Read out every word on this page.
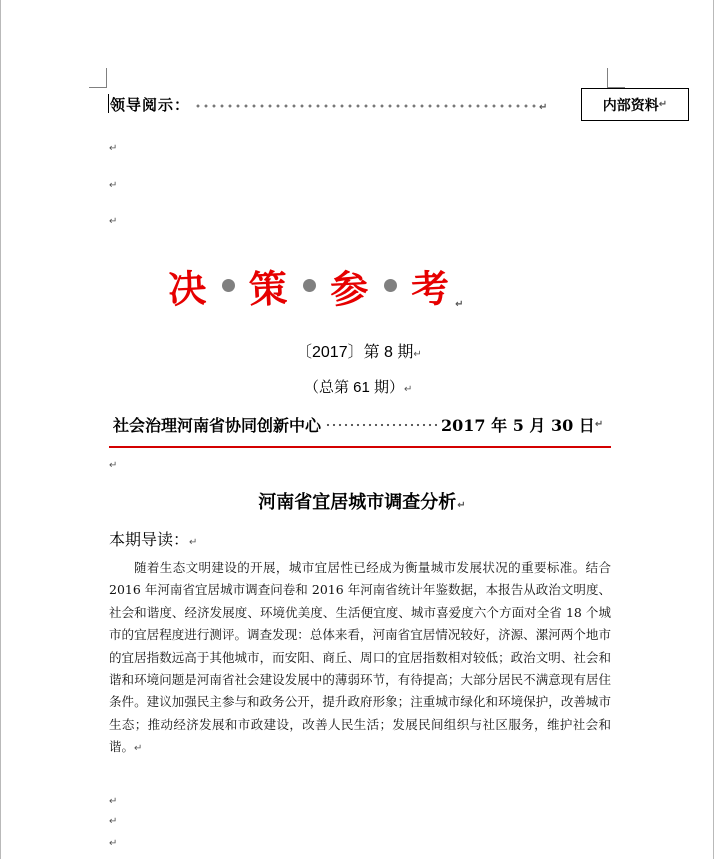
领导阅示：	↵	内部资料 ↵
↵
↵
↵
决 策 参 考 ↵
〔2017〕第 8 期↵
（总第 61 期）↵
社会治理河南省协同创新中心	2017 年 5 月 30 日 ↵
↵
河南省宜居城市调查分析↵
本期导读：↵
随着生态文明建设的开展，城市宜居性已经成为衡量城市发展状况的重要标准。结合 2016 年河南省宜居城市调查问卷和 2016 年河南省统计年鉴数据，本报告从政治文明度、社会和谐度、经济发展度、环境优美度、生活便宜度、城市喜爱度六个方面对全省 18 个城市的宜居程度进行测评。调查发现：总体来看，河南省宜居情况较好，济源、漯河两个地市的宜居指数远高于其他城市，而安阳、商丘、周口的宜居指数相对较低；政治文明、社会和谐和环境问题是河南省社会建设发展中的薄弱环节，有待提高；大部分居民不满意现有居住条件。建议加强民主参与和政务公开，提升政府形象；注重城市绿化和环境保护，改善城市生态；推动经济发展和市政建设，改善人民生活；发展民间组织与社区服务，维护社会和谐。↵
↵
↵
↵
